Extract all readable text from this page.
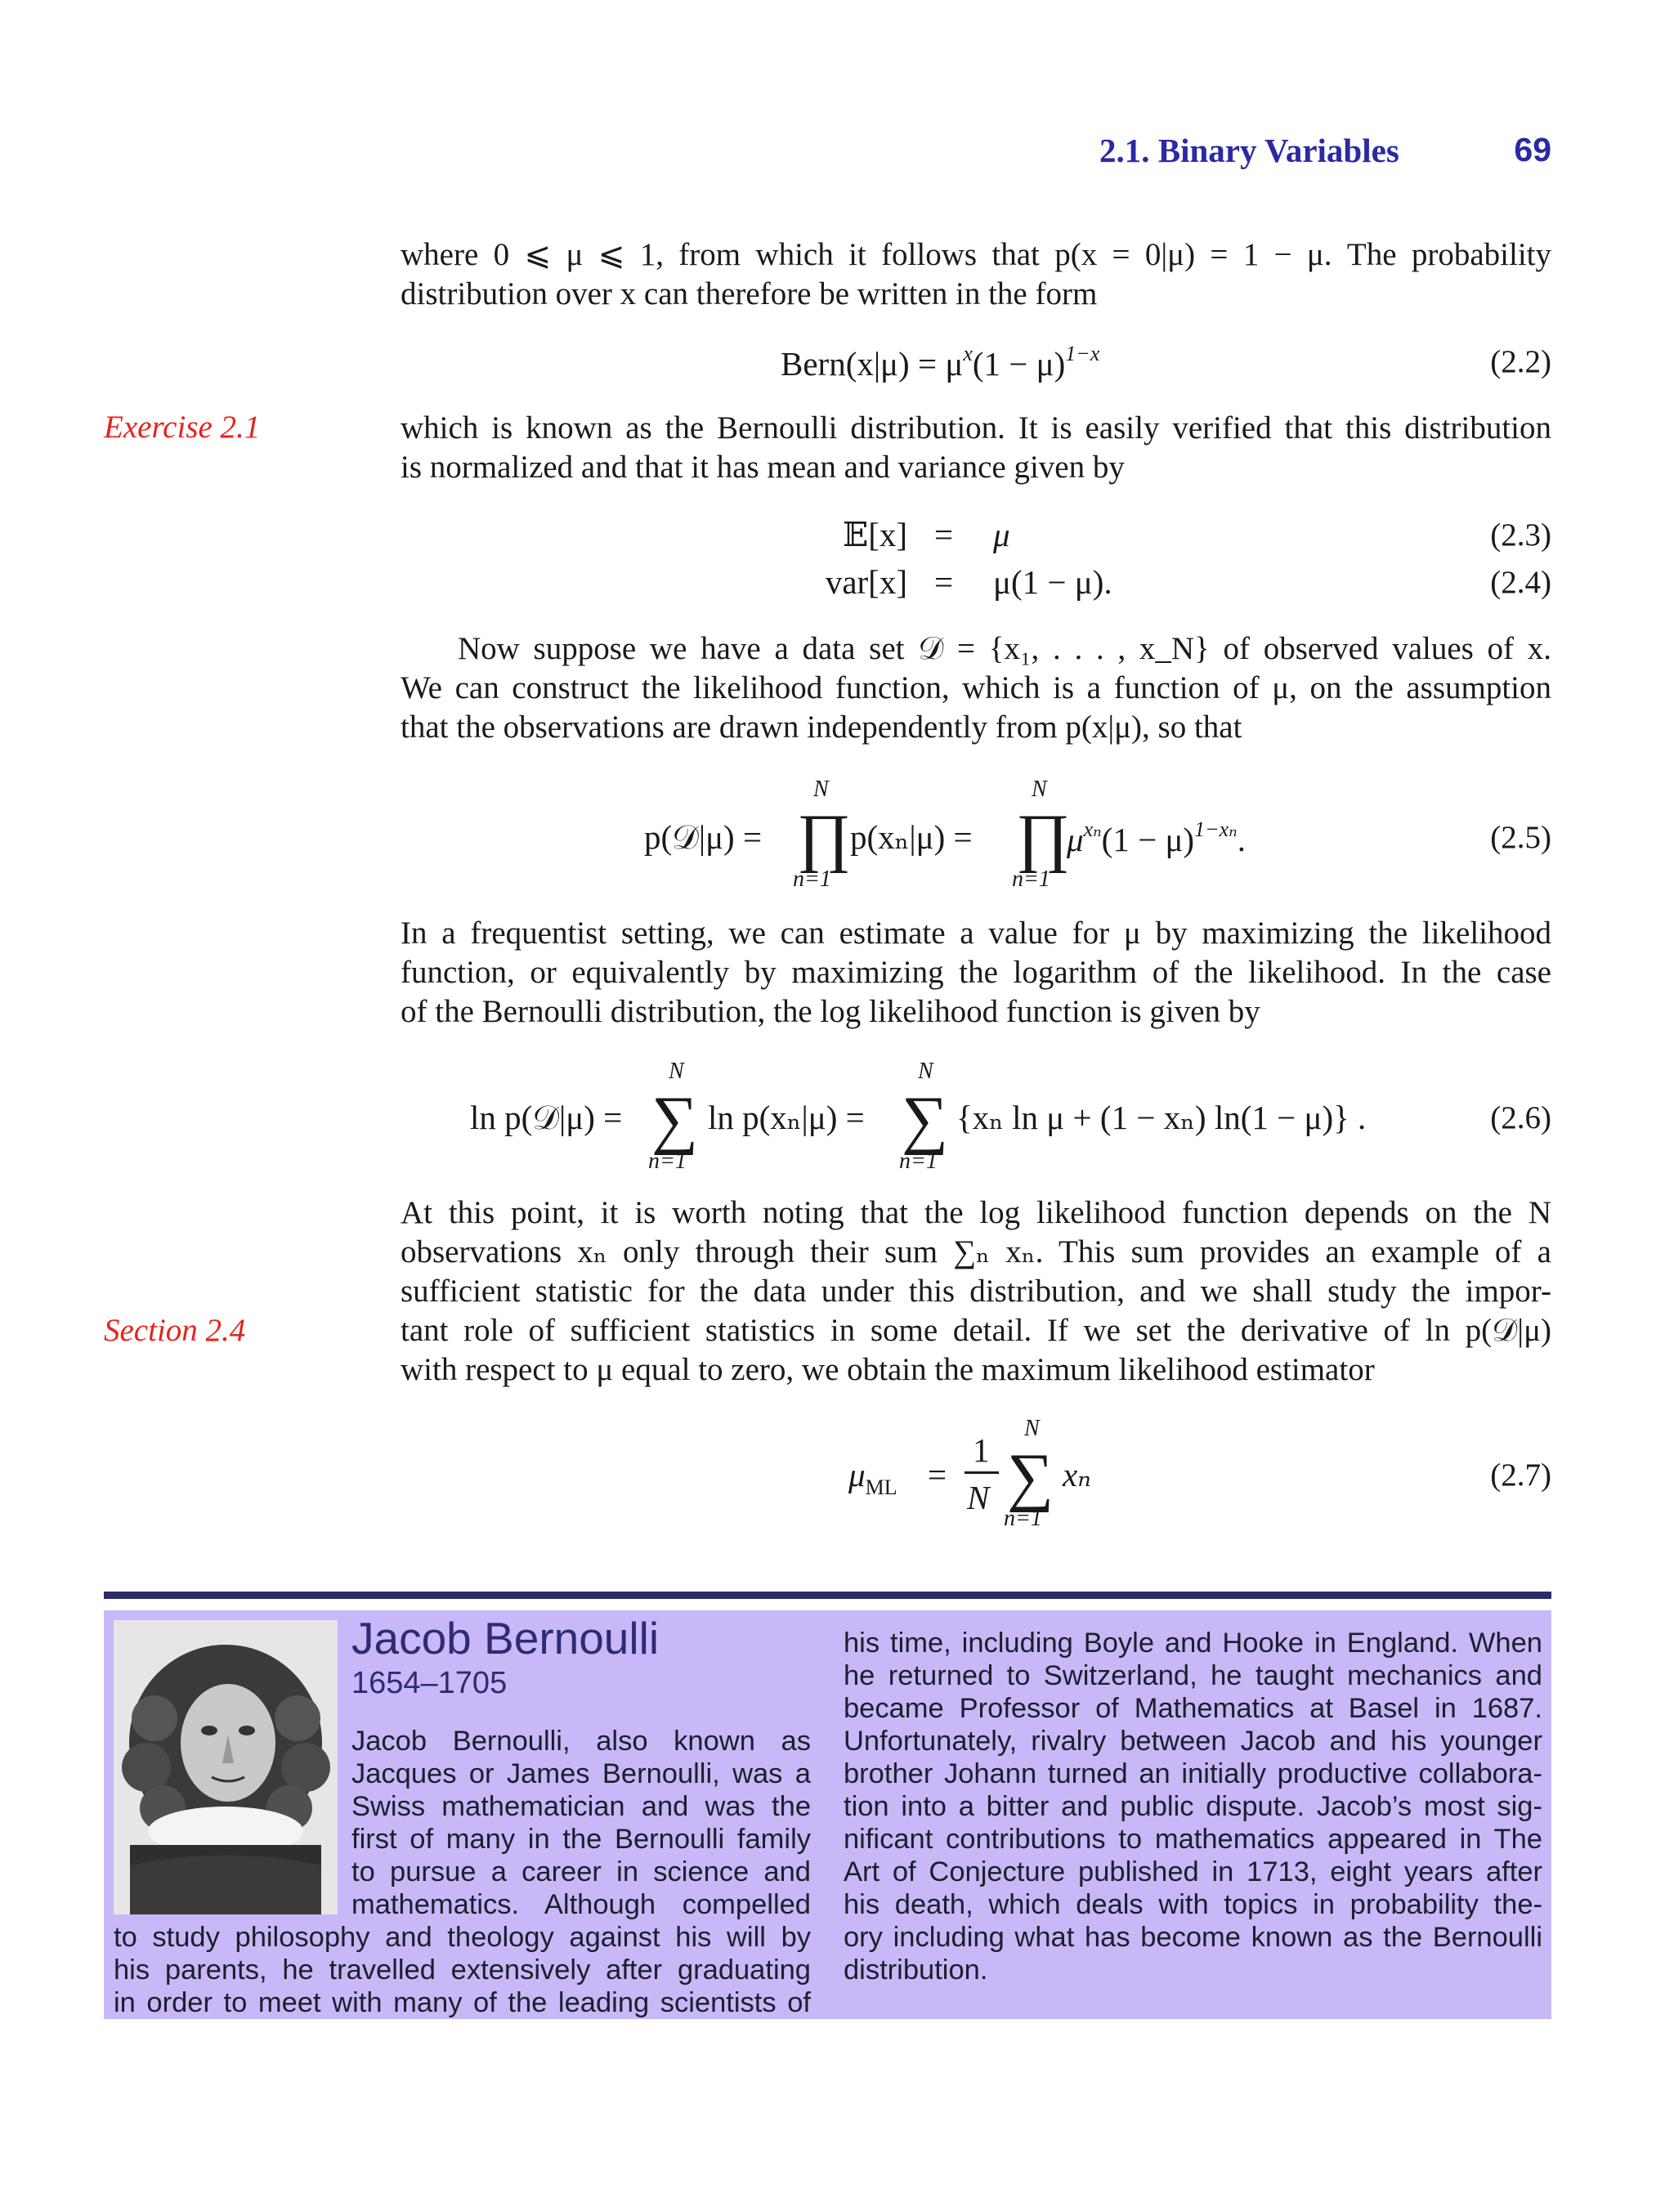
2.1. Binary Variables	69
Exercise 2.1
Section 2.4
where 0 ⩽ μ ⩽ 1, from which it follows that p(x = 0|μ) = 1 − μ. The probability
distribution over x can therefore be written in the form
Bern(x|μ) = $\mu^x(1 - \mu)^{1-x}$	(2.2)
which is known as the Bernoulli distribution. It is easily verified that this distribution
is normalized and that it has mean and variance given by
𝔼[x] = μ	(2.3)
var[x] = μ(1 − μ).	(2.4)
Now suppose we have a data set 𝒟 = {x₁, . . . , x_N} of observed values of x.
We can construct the likelihood function, which is a function of μ, on the assumption
that the observations are drawn independently from p(x|μ), so that
p(𝒟|μ) =
N
∏
n=1
p(xₙ|μ) =
N
∏
n=1
$\mu^{x_n}(1 - \mu)^{1-x_n}$.	(2.5)
In a frequentist setting, we can estimate a value for μ by maximizing the likelihood
function, or equivalently by maximizing the logarithm of the likelihood. In the case
of the Bernoulli distribution, the log likelihood function is given by
ln p(𝒟|μ) =
N
∑
n=1
ln p(xₙ|μ) =
N
∑
n=1
{xₙ ln μ + (1 − xₙ) ln(1 − μ)} .	(2.6)
At this point, it is worth noting that the log likelihood function depends on the N
observations xₙ only through their sum ∑ₙ xₙ. This sum provides an example of a
sufficient statistic for the data under this distribution, and we shall study the impor-
tant role of sufficient statistics in some detail. If we set the derivative of ln p(𝒟|μ)
with respect to μ equal to zero, we obtain the maximum likelihood estimator
$\mu_{ML}$ =
1
N
N
∑
n=1
xₙ	(2.7)
Jacob Bernoulli
1654–1705
Jacob Bernoulli, also known as
Jacques or James Bernoulli, was a
Swiss mathematician and was the
first of many in the Bernoulli family
to pursue a career in science and
mathematics. Although compelled
to study philosophy and theology against his will by
his parents, he travelled extensively after graduating
in order to meet with many of the leading scientists of
his time, including Boyle and Hooke in England. When
he returned to Switzerland, he taught mechanics and
became Professor of Mathematics at Basel in 1687.
Unfortunately, rivalry between Jacob and his younger
brother Johann turned an initially productive collabora-
tion into a bitter and public dispute. Jacob’s most sig-
nificant contributions to mathematics appeared in The
Art of Conjecture published in 1713, eight years after
his death, which deals with topics in probability the-
ory including what has become known as the Bernoulli
distribution.
